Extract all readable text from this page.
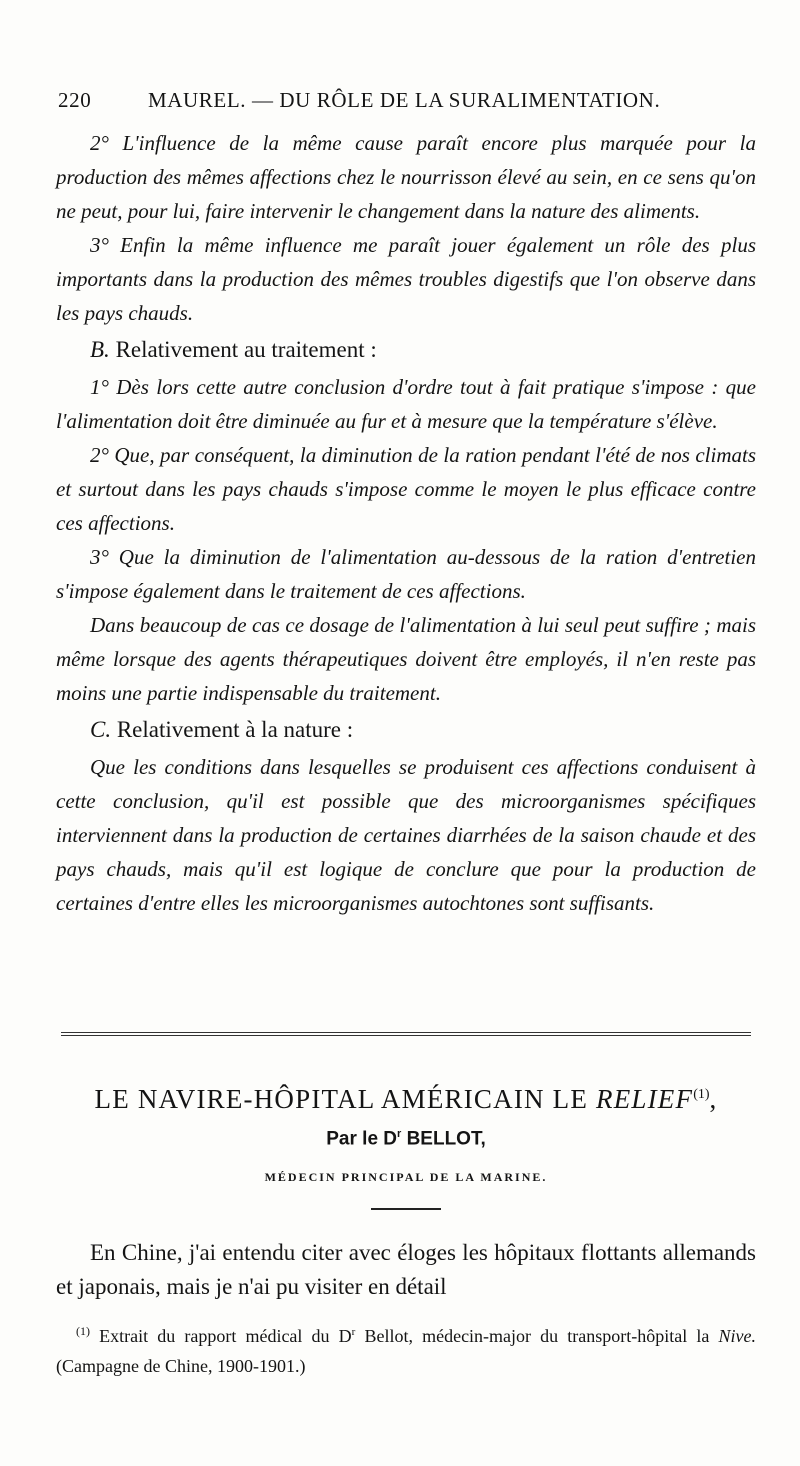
220	MAUREL. — DU RÔLE DE LA SURALIMENTATION.

2° L'influence de la même cause paraît encore plus marquée pour la production des mêmes affections chez le nourrisson élevé au sein, en ce sens qu'on ne peut, pour lui, faire intervenir le changement dans la nature des aliments.

3° Enfin la même influence me paraît jouer également un rôle des plus importants dans la production des mêmes troubles digestifs que l'on observe dans les pays chauds.

B. Relativement au traitement :

1° Dès lors cette autre conclusion d'ordre tout à fait pratique s'impose : que l'alimentation doit être diminuée au fur et à mesure que la température s'élève.

2° Que, par conséquent, la diminution de la ration pendant l'été de nos climats et surtout dans les pays chauds s'impose comme le moyen le plus efficace contre ces affections.

3° Que la diminution de l'alimentation au-dessous de la ration d'entretien s'impose également dans le traitement de ces affections.

Dans beaucoup de cas ce dosage de l'alimentation à lui seul peut suffire ; mais même lorsque des agents thérapeutiques doivent être employés, il n'en reste pas moins une partie indispensable du traitement.

C. Relativement à la nature :

Que les conditions dans lesquelles se produisent ces affections conduisent à cette conclusion, qu'il est possible que des microorganismes spécifiques interviennent dans la production de certaines diarrhées de la saison chaude et des pays chauds, mais qu'il est logique de conclure que pour la production de certaines d'entre elles les microorganismes autochtones sont suffisants.

LE NAVIRE-HÔPITAL AMÉRICAIN LE RELIEF$^{(1)}$,
Par le $D^r$ BELLOT,
MÉDECIN PRINCIPAL DE LA MARINE.

En Chine, j'ai entendu citer avec éloges les hôpitaux flottants allemands et japonais, mais je n'ai pu visiter en détail

$^{(1)}$ Extrait du rapport médical du $D^r$ Bellot, médecin-major du transport-hôpital la Nive. (Campagne de Chine, 1900-1901.)
